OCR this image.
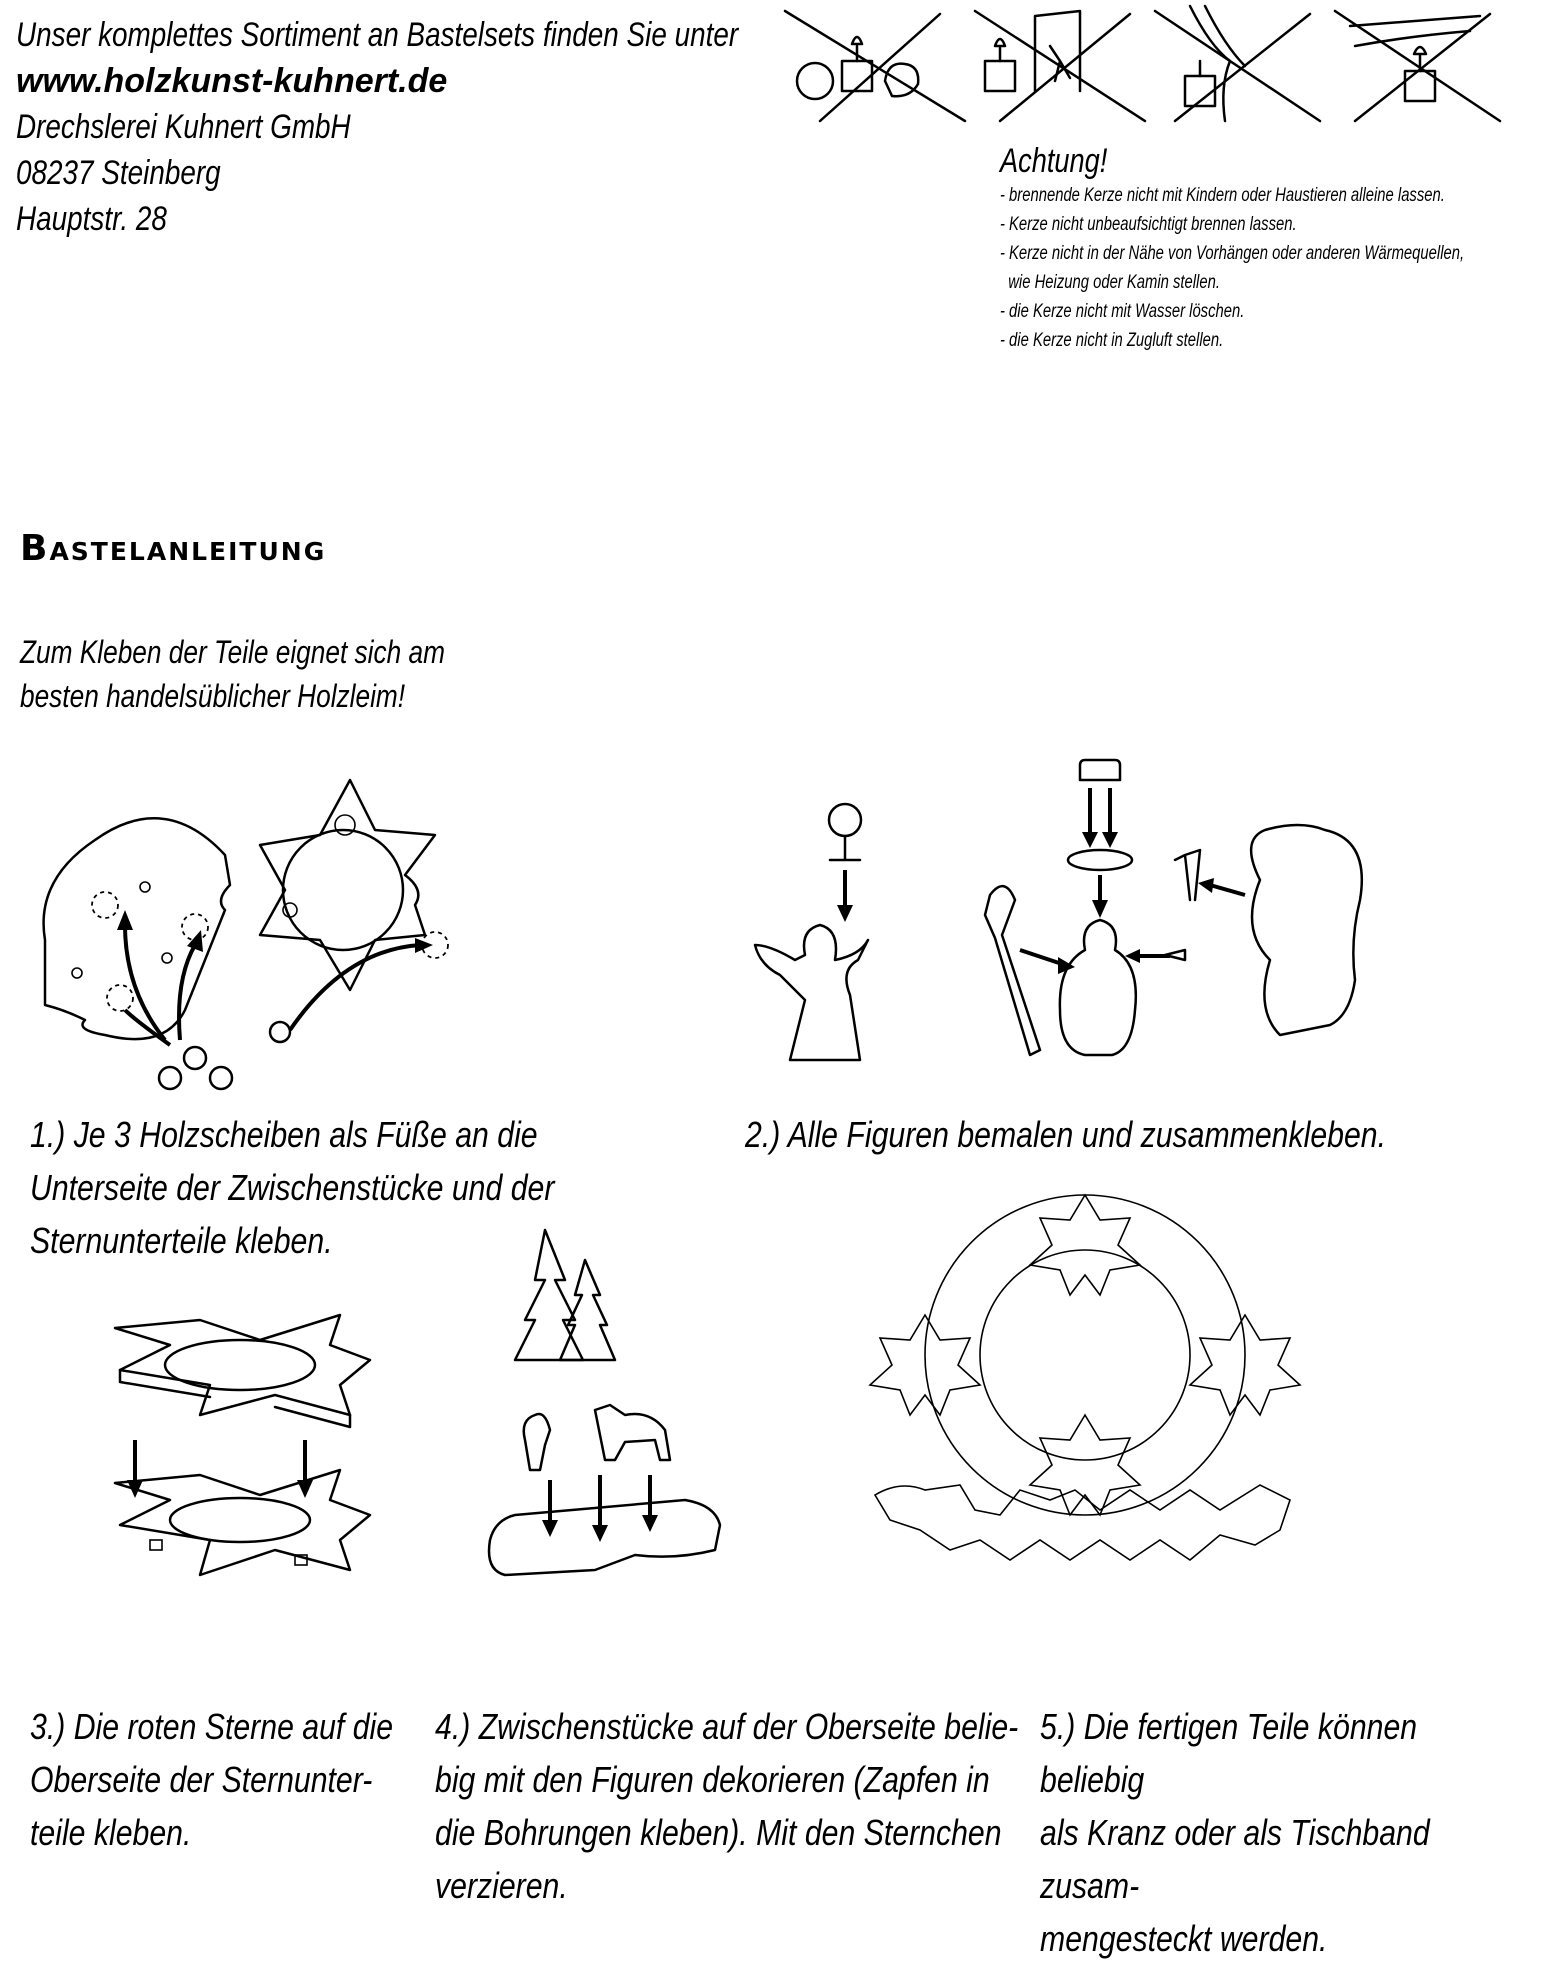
Unser komplettes Sortiment an Bastelsets finden Sie unter
www.holzkunst-kuhnert.de
Drechslerei Kuhnert GmbH
08237 Steinberg
Hauptstr. 28
Achtung!
- brennende Kerze nicht mit Kindern oder Haustieren alleine lassen.
- Kerze nicht unbeaufsichtigt brennen lassen.
- Kerze nicht in der Nähe von Vorhängen oder anderen Wärmequellen,
wie Heizung oder Kamin stellen.
- die Kerze nicht mit Wasser löschen.
- die Kerze nicht in Zugluft stellen.
Bastelanleitung
Zum Kleben der Teile eignet sich am
besten handelsüblicher Holzleim!
1.) Je 3 Holzscheiben als Füße an die
Unterseite der Zwischenstücke und der
Sternunterteile kleben.
2.) Alle Figuren bemalen und zusammenkleben.
3.) Die roten Sterne auf die
Oberseite der Sternunter-
teile kleben.
4.) Zwischenstücke auf der Oberseite belie-
big mit den Figuren dekorieren (Zapfen in
die Bohrungen kleben). Mit den Sternchen
verzieren.
5.) Die fertigen Teile können beliebig
als Kranz oder als Tischband zusam-
mengesteckt werden.
